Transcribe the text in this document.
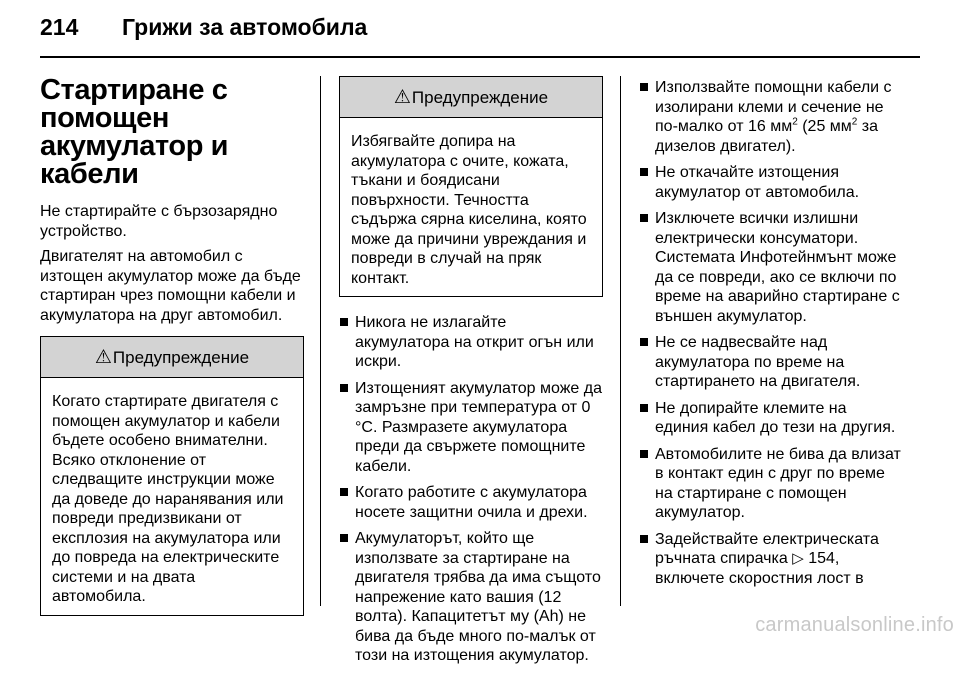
214 Грижи за автомобила
Стартиране с помощен акумулатор и кабели

Не стартирайте с бързозарядно устройство.

Двигателят на автомобил с изтощен акумулатор може да бъде стартиран чрез помощни кабели и акумулатора на друг автомобил.

⚠ Предупреждение
Когато стартирате двигателя с помощен акумулатор и кабели бъдете особено внимателни. Всяко отклонение от следващите инструкции може да доведе до наранявания или повреди предизвикани от експлозия на акумулатора или до повреда на електрическите системи и на двата автомобила.
⚠ Предупреждение
Избягвайте допира на акумулатора с очите, кожата, тъкани и боядисани повърхности. Течността съдържа сярна киселина, която може да причини увреждания и повреди в случай на пряк контакт.
Никога не излагайте акумулатора на открит огън или искри.
Изтощеният акумулатор може да замръзне при температура от 0 °C. Размразете акумулатора преди да свържете помощните кабели.
Когато работите с акумулатора носете защитни очила и дрехи.
Акумулаторът, който ще използвате за стартиране на двигателя трябва да има същото напрежение като вашия (12 волта). Капацитетът му (Ah) не бива да бъде много по-малък от този на изтощения акумулатор.
Използвайте помощни кабели с изолирани клеми и сечение не по-малко от 16 $мм^2$ (25 $мм^2$ за дизелов двигател).
Не откачайте изтощения акумулатор от автомобила.
Изключете всички излишни електрически консуматори. Системата Инфотейнмънт може да се повреди, ако се включи по време на аварийно стартиране с външен акумулатор.
Не се надвесвайте над акумулатора по време на стартирането на двигателя.
Не допирайте клемите на единия кабел до тези на другия.
Автомобилите не бива да влизат в контакт един с друг по време на стартиране с помощен акумулатор.
Задействайте електрическата ръчната спирачка ▷ 154, включете скоростния лост в
carmanualsonline.info
